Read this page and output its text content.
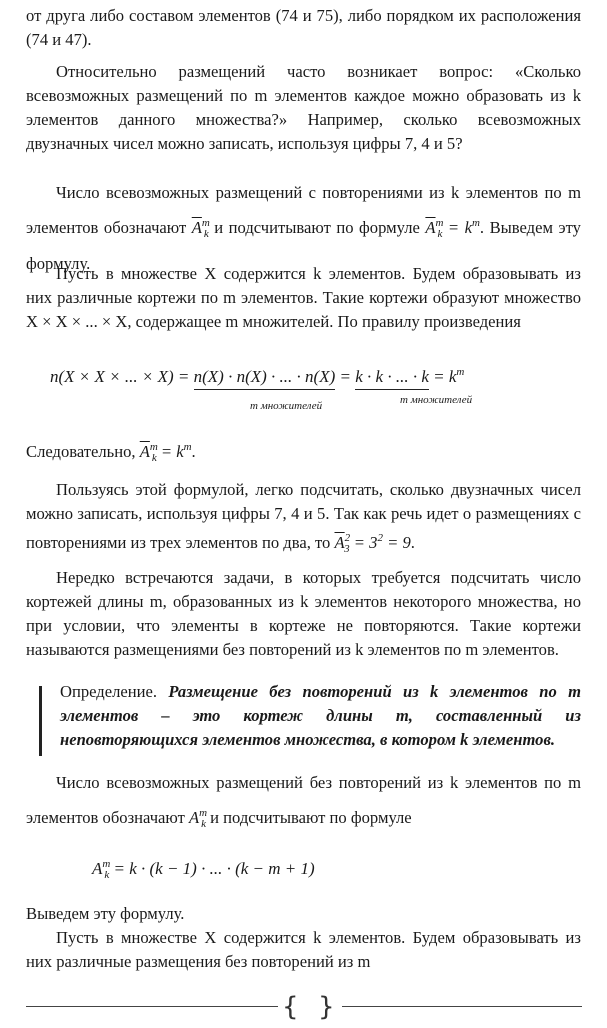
от друга либо составом элементов (74 и 75), либо порядком их расположения (74 и 47).

Относительно размещений часто возникает вопрос: «Сколько всевозможных размещений по m элементов каждое можно образовать из k элементов данного множества?» Например, сколько всевозможных двузначных чисел можно записать, используя цифры 7, 4 и 5?

Число всевозможных размещений с повторениями из k элементов по m элементов обозначают $\overline{A}^m_k$ и подсчитывают по формуле $\overline{A}^m_k = k^m$. Выведем эту формулу.

Пусть в множестве X содержится k элементов. Будем образовывать из них различные кортежи по m элементов. Такие кортежи образуют множество X × X × ... × X, содержащее m множителей. По правилу произведения

n(X × X × ... × X) = n(X) · n(X) · ... · n(X) = k · k · ... · $k = k^m$
m множителей	m множителей

Следовательно, $\overline{A}^m_k = k^m$.

Пользуясь этой формулой, легко подсчитать, сколько двузначных чисел можно записать, используя цифры 7, 4 и 5. Так как речь идет о размещениях с повторениями из трех элементов по два, то $\overline{A}^2_3 = 3^2 = 9$.

Нередко встречаются задачи, в которых требуется подсчитать число кортежей длины m, образованных из k элементов некоторого множества, но при условии, что элементы в кортеже не повторяются. Такие кортежи называются размещениями без повторений из k элементов по m элементов.

Определение. Размещение без повторений из k элементов по m элементов – это кортеж длины m, составленный из неповторяющихся элементов множества, в котором k элементов.

Число всевозможных размещений без повторений из k элементов по m элементов обозначают $A^m_k$ и подсчитывают по формуле

$A^m_k = k \cdot (k - 1)$ · ... · (k − m + 1)

Выведем эту формулу.

Пусть в множестве X содержится k элементов. Будем образовывать из них различные размещения без повторений из m

{ }
